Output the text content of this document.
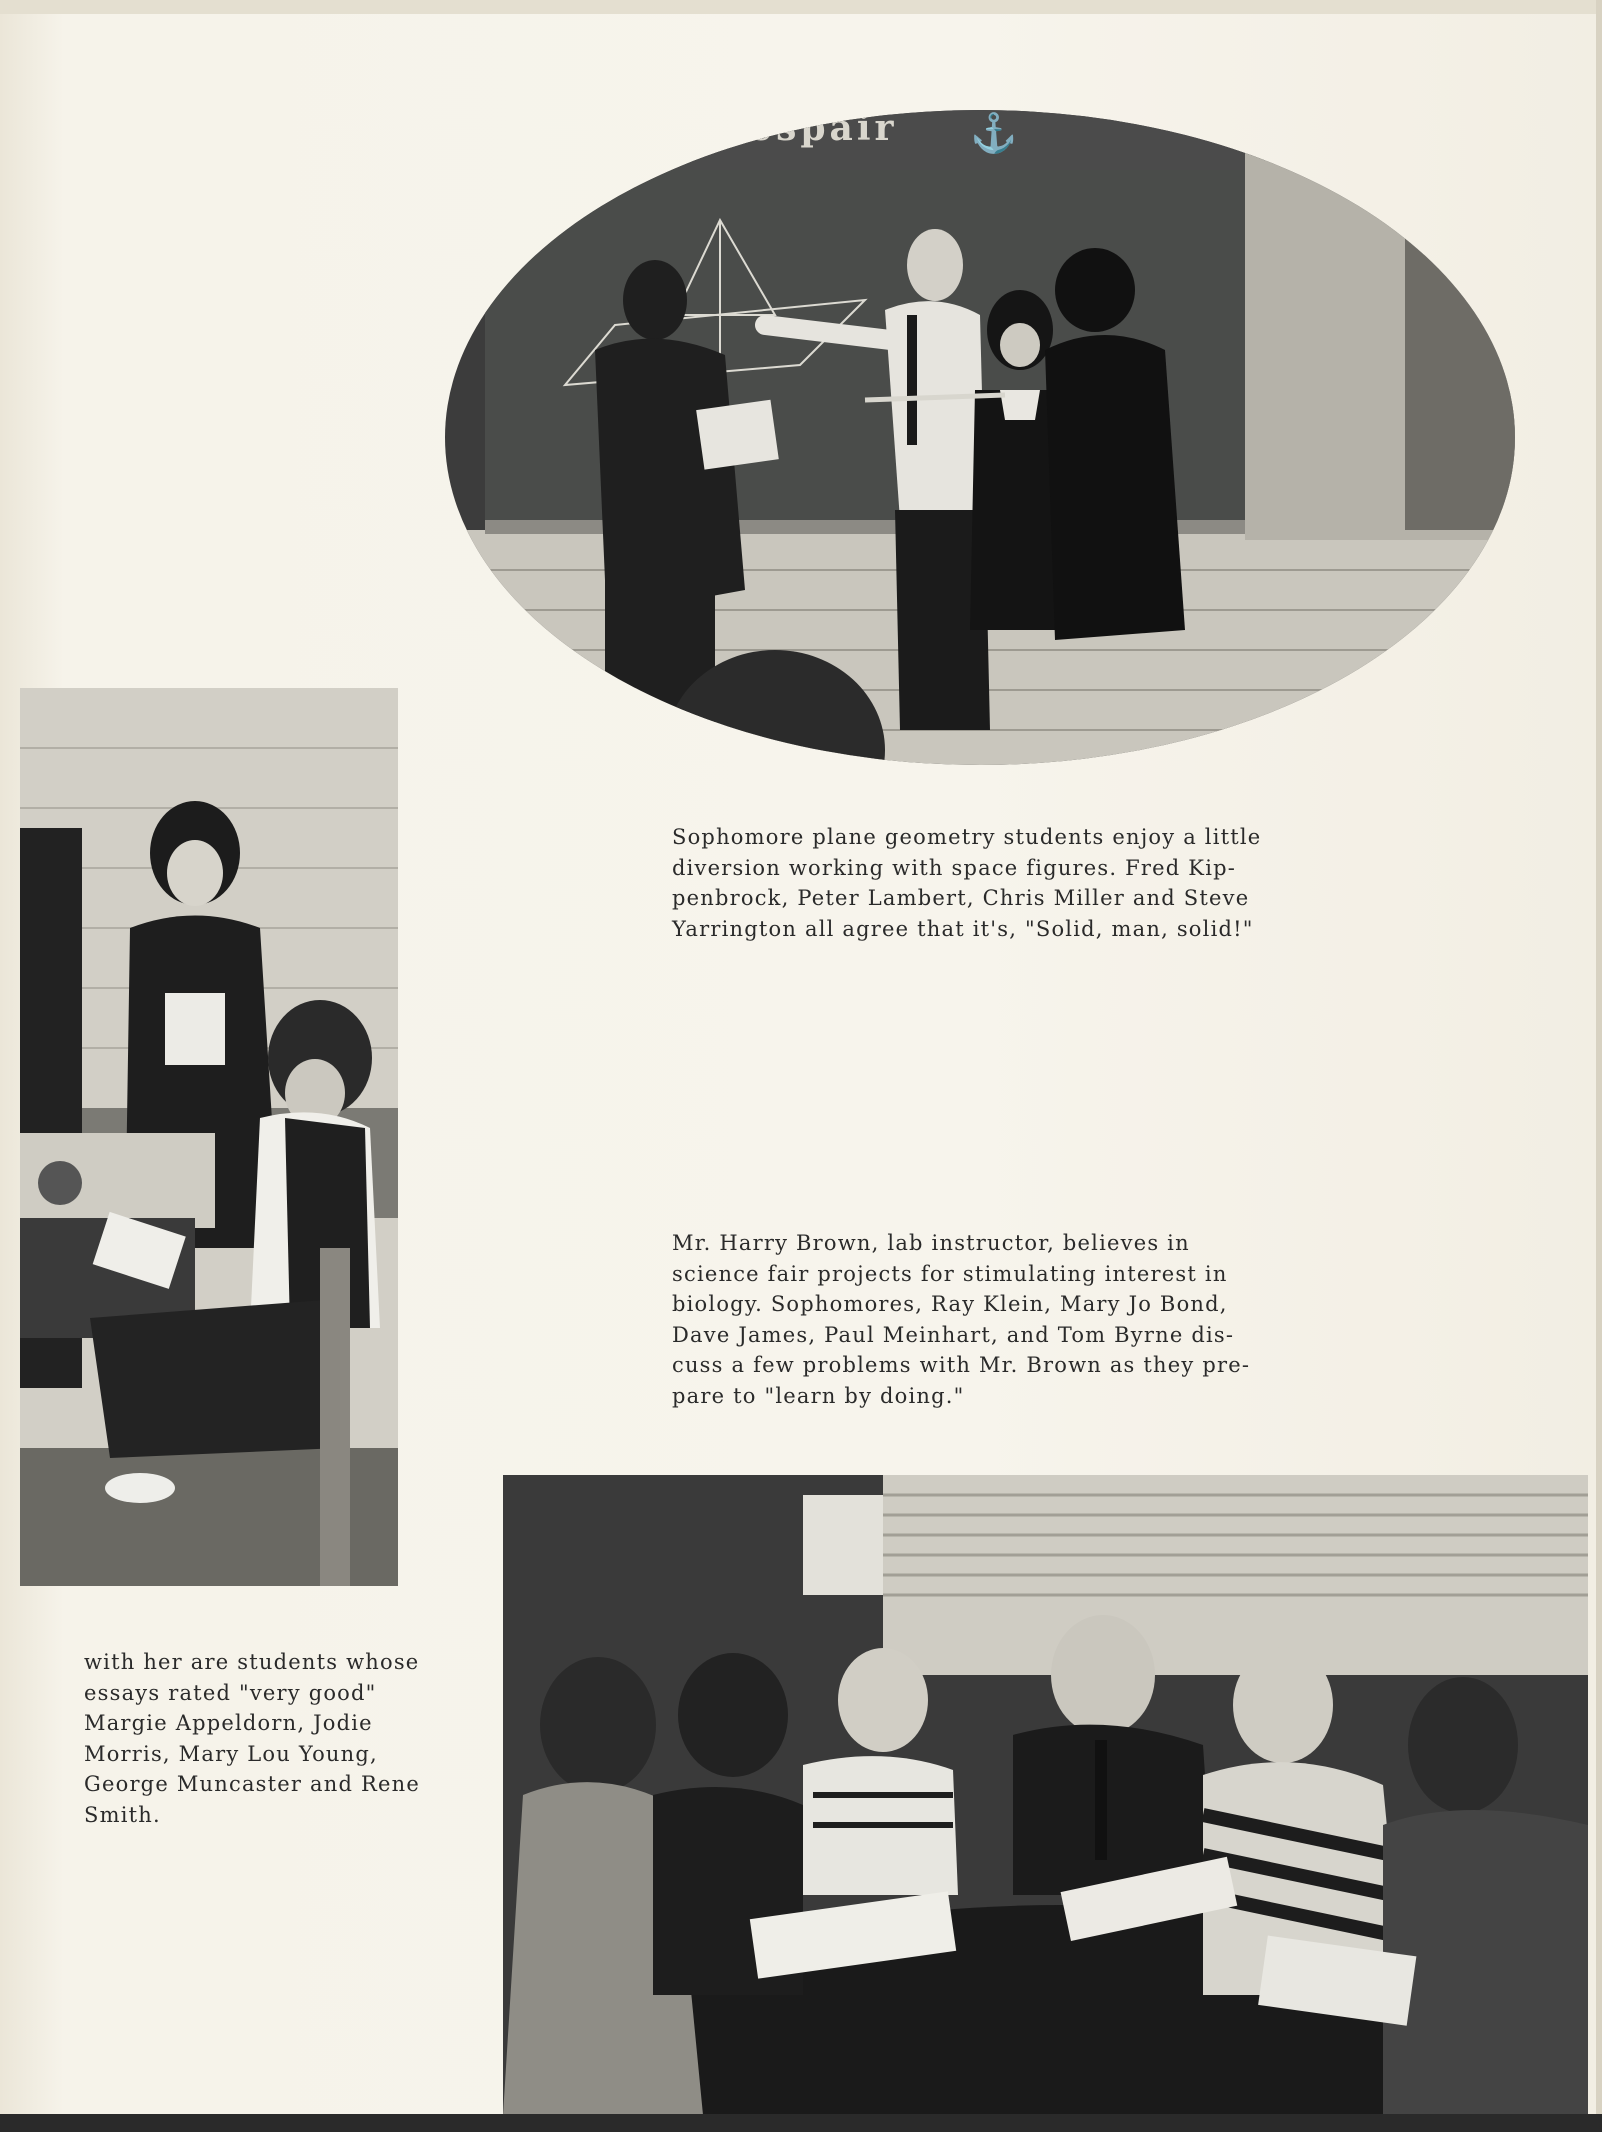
despair ⚓
Sophomore plane geometry students enjoy a little
diversion working with space figures. Fred Kip-
penbrock, Peter Lambert, Chris Miller and Steve
Yarrington all agree that it's, "Solid, man, solid!"
Mr. Harry Brown, lab instructor, believes in
science fair projects for stimulating interest in
biology. Sophomores, Ray Klein, Mary Jo Bond,
Dave James, Paul Meinhart, and Tom Byrne dis-
cuss a few problems with Mr. Brown as they pre-
pare to "learn by doing."
with her are students whose
essays rated "very good"
Margie Appeldorn, Jodie
Morris, Mary Lou Young,
George Muncaster and Rene
Smith.
